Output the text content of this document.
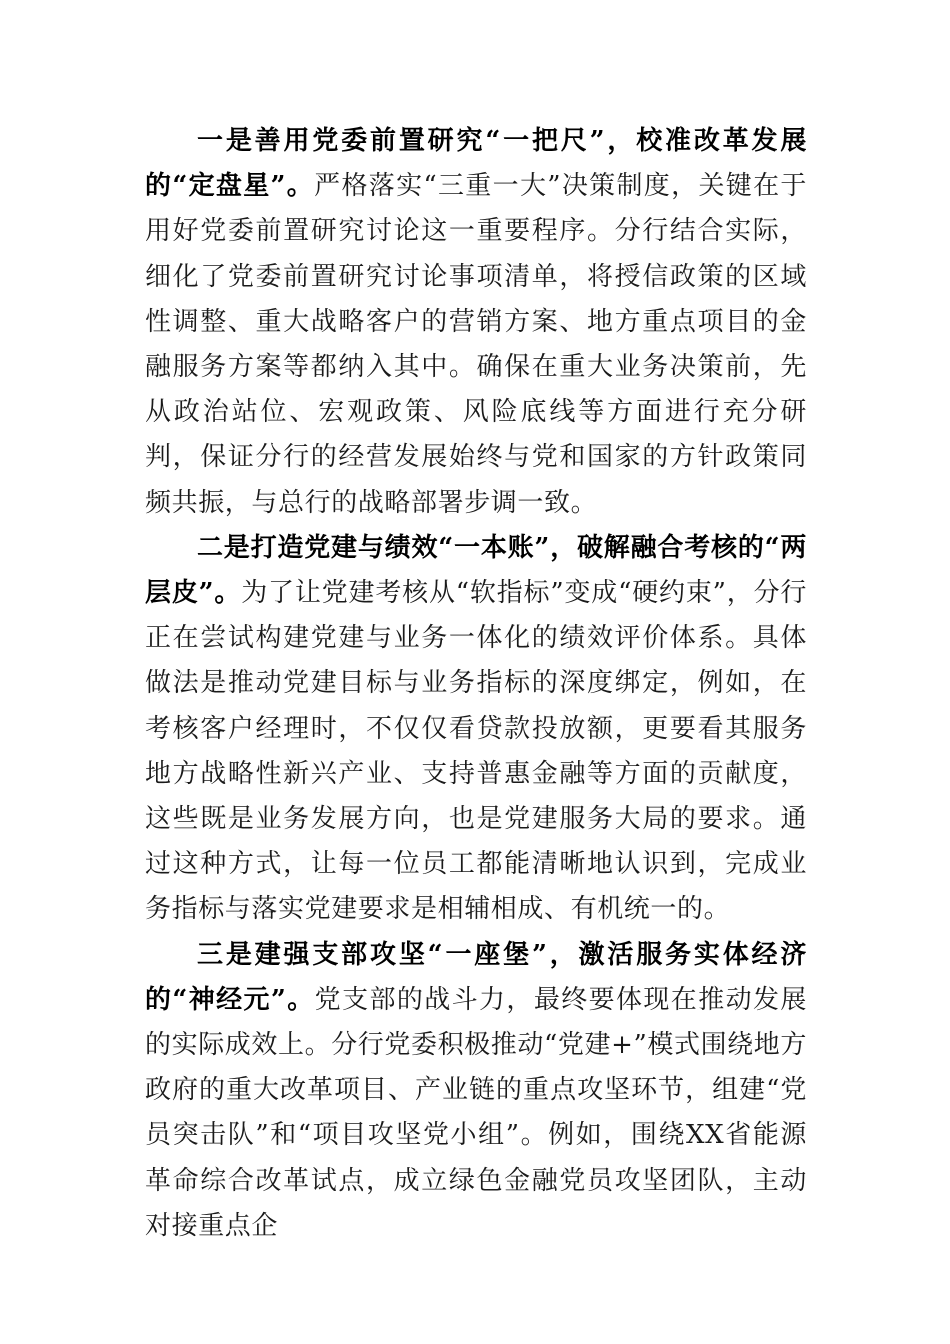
一是善用党委前置研究“一把尺”，校准改革发展的“定盘星”。严格落实“三重一大”决策制度，关键在于用好党委前置研究讨论这一重要程序。分行结合实际，细化了党委前置研究讨论事项清单，将授信政策的区域性调整、重大战略客户的营销方案、地方重点项目的金融服务方案等都纳入其中。确保在重大业务决策前，先从政治站位、宏观政策、风险底线等方面进行充分研判，保证分行的经营发展始终与党和国家的方针政策同频共振，与总行的战略部署步调一致。

二是打造党建与绩效“一本账”，破解融合考核的“两层皮”。为了让党建考核从“软指标”变成“硬约束”，分行正在尝试构建党建与业务一体化的绩效评价体系。具体做法是推动党建目标与业务指标的深度绑定，例如，在考核客户经理时，不仅仅看贷款投放额，更要看其服务地方战略性新兴产业、支持普惠金融等方面的贡献度，这些既是业务发展方向，也是党建服务大局的要求。通过这种方式，让每一位员工都能清晰地认识到，完成业务指标与落实党建要求是相辅相成、有机统一的。

三是建强支部攻坚“一座堡”，激活服务实体经济的“神经元”。党支部的战斗力，最终要体现在推动发展的实际成效上。分行党委积极推动“党建+”模式围绕地方政府的重大改革项目、产业链的重点攻坚环节，组建“党员突击队”和“项目攻坚党小组”。例如，围绕XX省能源革命综合改革试点，成立绿色金融党员攻坚团队，主动对接重点企
